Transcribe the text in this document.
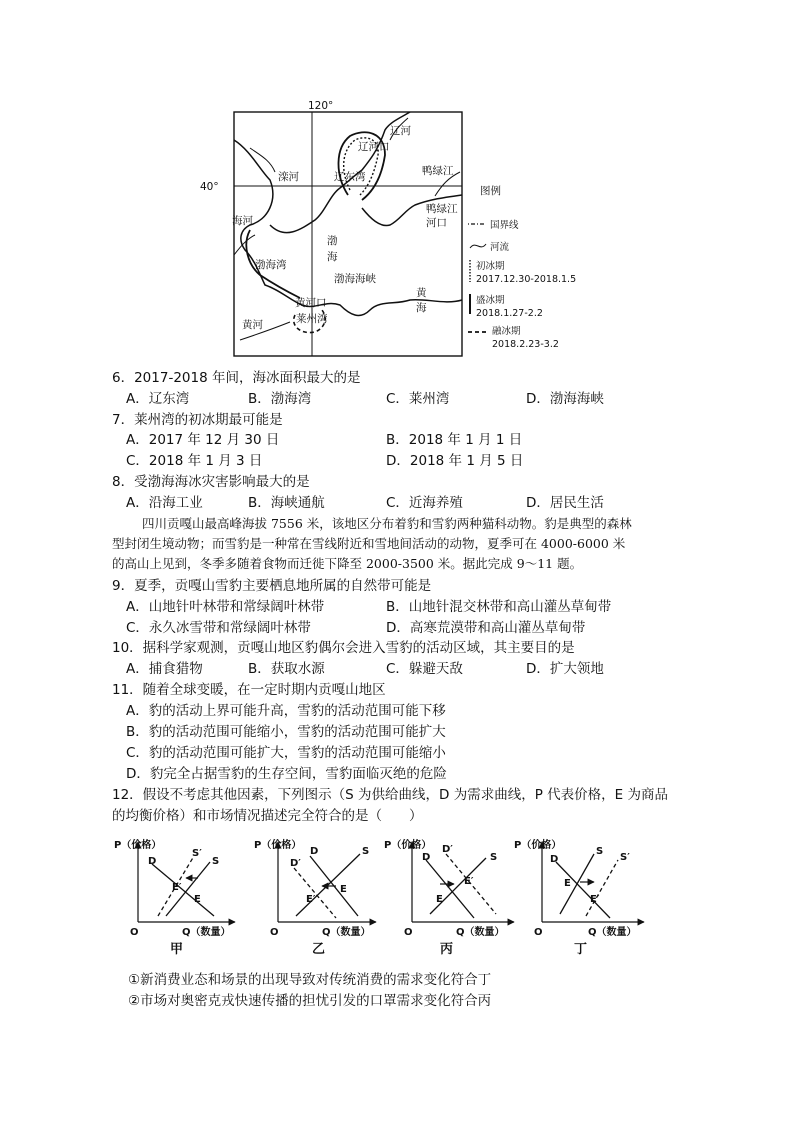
120°
40°
辽河
辽河口
鸭绿江
滦河	辽东湾
海河
渤
海
渤海湾
渤海海峡
鸭绿江
河口
黄
海
黄河口
莱州湾
黄河
图例
国界线
河流
初冰期
2017.12.30-2018.1.5
盛冰期
2018.1.27-2.2
融冰期
2018.2.23-3.2
6．2017-2018 年间，海冰面积最大的是
A．辽东湾	B．渤海湾	C．莱州湾	D．渤海海峡
7．莱州湾的初冰期最可能是
A．2017 年 12 月 30 日	B．2018 年 1 月 1 日
C．2018 年 1 月 3 日	D．2018 年 1 月 5 日
8．受渤海海冰灾害影响最大的是
A．沿海工业	B．海峡通航	C．近海养殖	D．居民生活
四川贡嘎山最高峰海拔 7556 米，该地区分布着豹和雪豹两种猫科动物。豹是典型的森林
型封闭生境动物；而雪豹是一种常在雪线附近和雪地间活动的动物，夏季可在 4000-6000 米
的高山上见到，冬季多随着食物而迁徙下降至 2000-3500 米。据此完成 9～11 题。
9．夏季，贡嘎山雪豹主要栖息地所属的自然带可能是
A．山地针叶林带和常绿阔叶林带	B．山地针混交林带和高山灌丛草甸带
C．永久冰雪带和常绿阔叶林带	D．高寒荒漠带和高山灌丛草甸带
10．据科学家观测，贡嘎山地区豹偶尔会进入雪豹的活动区域，其主要目的是
A．捕食猎物	B．获取水源	C．躲避天敌	D．扩大领地
11．随着全球变暖，在一定时期内贡嘎山地区
A．豹的活动上界可能升高，雪豹的活动范围可能下移
B．豹的活动范围可能缩小，雪豹的活动范围可能扩大
C．豹的活动范围可能扩大，雪豹的活动范围可能缩小
D．豹完全占据雪豹的生存空间，雪豹面临灭绝的危险
12．假设不考虑其他因素，下列图示（S 为供给曲线，D 为需求曲线，P 代表价格，E 为商品
的均衡价格）和市场情况描述完全符合的是（　　）
P（价格）
Q（数量）
O
D	S
S′
E′
E
甲
P（价格）
Q（数量）
O
D
D′
S
E
E′
乙
P（价格）
Q（数量）
O
D
D′
S
E′
E
丙
P（价格）
Q（数量）
O
D
S
S′
E
E′
丁
①新消费业态和场景的出现导致对传统消费的需求变化符合丁
②市场对奥密克戎快速传播的担忧引发的口罩需求变化符合丙
